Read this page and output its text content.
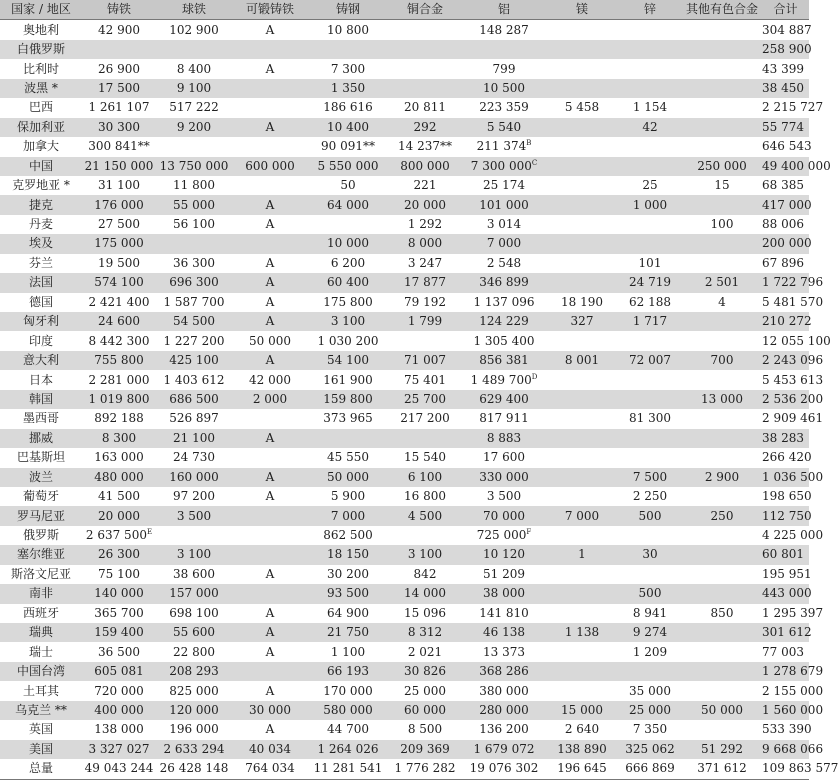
国家 / 地区	铸铁	球铁	可锻铸铁	铸钢	铜合金	铝	镁	锌	其他有色合金	合计
奥地利	42 900	102 900	A	10 800		148 287				304 887
白俄罗斯										258 900
比利时	26 900	8 400	A	7 300		799				43 399
波黑 *	17 500	9 100		1 350		10 500				38 450
巴西	1 261 107	517 222		186 616	20 811	223 359	5 458	1 154		2 215 727
保加利亚	30 300	9 200	A	10 400	292	5 540		42		55 774
加拿大	300 841**			90 091**	14 237**	211 $374^B$				646 543
中国	21 150 000	13 750 000	600 000	5 550 000	800 000	7 300 $000^C$			250 000	49 400 000
克罗地亚 *	31 100	11 800		50	221	25 174		25	15	68 385
捷克	176 000	55 000	A	64 000	20 000	101 000		1 000		417 000
丹麦	27 500	56 100	A		1 292	3 014			100	88 006
埃及	175 000			10 000	8 000	7 000				200 000
芬兰	19 500	36 300	A	6 200	3 247	2 548		101		67 896
法国	574 100	696 300	A	60 400	17 877	346 899		24 719	2 501	1 722 796
德国	2 421 400	1 587 700	A	175 800	79 192	1 137 096	18 190	62 188	4	5 481 570
匈牙利	24 600	54 500	A	3 100	1 799	124 229	327	1 717		210 272
印度	8 442 300	1 227 200	50 000	1 030 200		1 305 400				12 055 100
意大利	755 800	425 100	A	54 100	71 007	856 381	8 001	72 007	700	2 243 096
日本	2 281 000	1 403 612	42 000	161 900	75 401	1 489 $700^D$				5 453 613
韩国	1 019 800	686 500	2 000	159 800	25 700	629 400			13 000	2 536 200
墨西哥	892 188	526 897		373 965	217 200	817 911		81 300		2 909 461
挪威	8 300	21 100	A			8 883				38 283
巴基斯坦	163 000	24 730		45 550	15 540	17 600				266 420
波兰	480 000	160 000	A	50 000	6 100	330 000		7 500	2 900	1 036 500
葡萄牙	41 500	97 200	A	5 900	16 800	3 500		2 250		198 650
罗马尼亚	20 000	3 500		7 000	4 500	70 000	7 000	500	250	112 750
俄罗斯	2 637 $500^E$			862 500		725 $000^F$				4 225 000
塞尔维亚	26 300	3 100		18 150	3 100	10 120	1	30		60 801
斯洛文尼亚	75 100	38 600	A	30 200	842	51 209				195 951
南非	140 000	157 000		93 500	14 000	38 000		500		443 000
西班牙	365 700	698 100	A	64 900	15 096	141 810		8 941	850	1 295 397
瑞典	159 400	55 600	A	21 750	8 312	46 138	1 138	9 274		301 612
瑞士	36 500	22 800	A	1 100	2 021	13 373		1 209		77 003
中国台湾	605 081	208 293		66 193	30 826	368 286				1 278 679
土耳其	720 000	825 000	A	170 000	25 000	380 000		35 000		2 155 000
乌克兰 **	400 000	120 000	30 000	580 000	60 000	280 000	15 000	25 000	50 000	1 560 000
英国	138 000	196 000	A	44 700	8 500	136 200	2 640	7 350		533 390
美国	3 327 027	2 633 294	40 034	1 264 026	209 369	1 679 072	138 890	325 062	51 292	9 668 066
总量	49 043 244	26 428 148	764 034	11 281 541	1 776 282	19 076 302	196 645	666 869	371 612	109 863 577
